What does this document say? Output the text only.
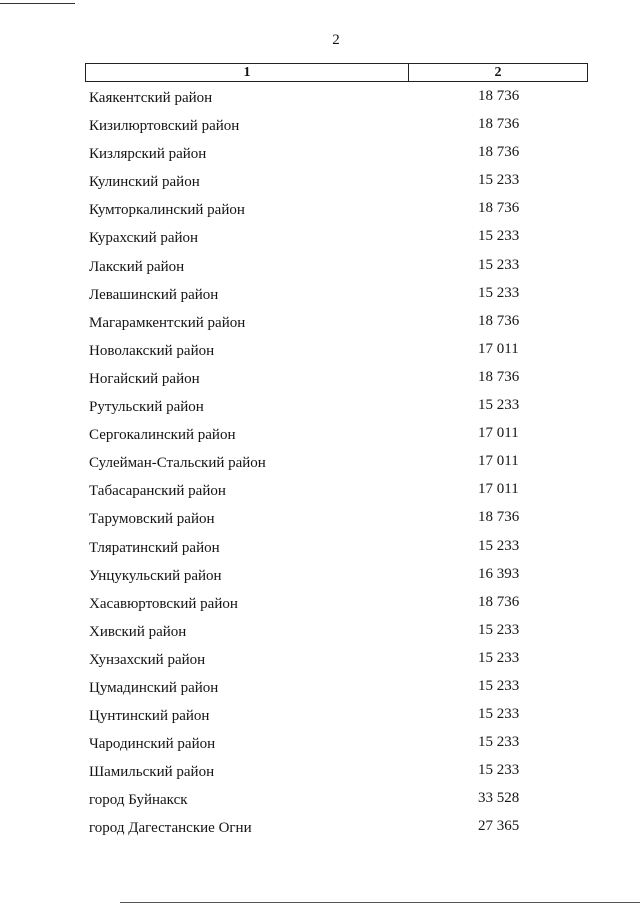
2
1	2
Каякентский район	18 736
Кизилюртовский район	18 736
Кизлярский район	18 736
Кулинский район	15 233
Кумторкалинский район	18 736
Курахский район	15 233
Лакский район	15 233
Левашинский район	15 233
Магарамкентский район	18 736
Новолакский район	17 011
Ногайский район	18 736
Рутульский район	15 233
Сергокалинский район	17 011
Сулейман-Стальский район	17 011
Табасаранский район	17 011
Тарумовский район	18 736
Тляратинский район	15 233
Унцукульский район	16 393
Хасавюртовский район	18 736
Хивский район	15 233
Хунзахский район	15 233
Цумадинский район	15 233
Цунтинский район	15 233
Чародинский район	15 233
Шамильский район	15 233
город Буйнакск	33 528
город Дагестанские Огни	27 365
